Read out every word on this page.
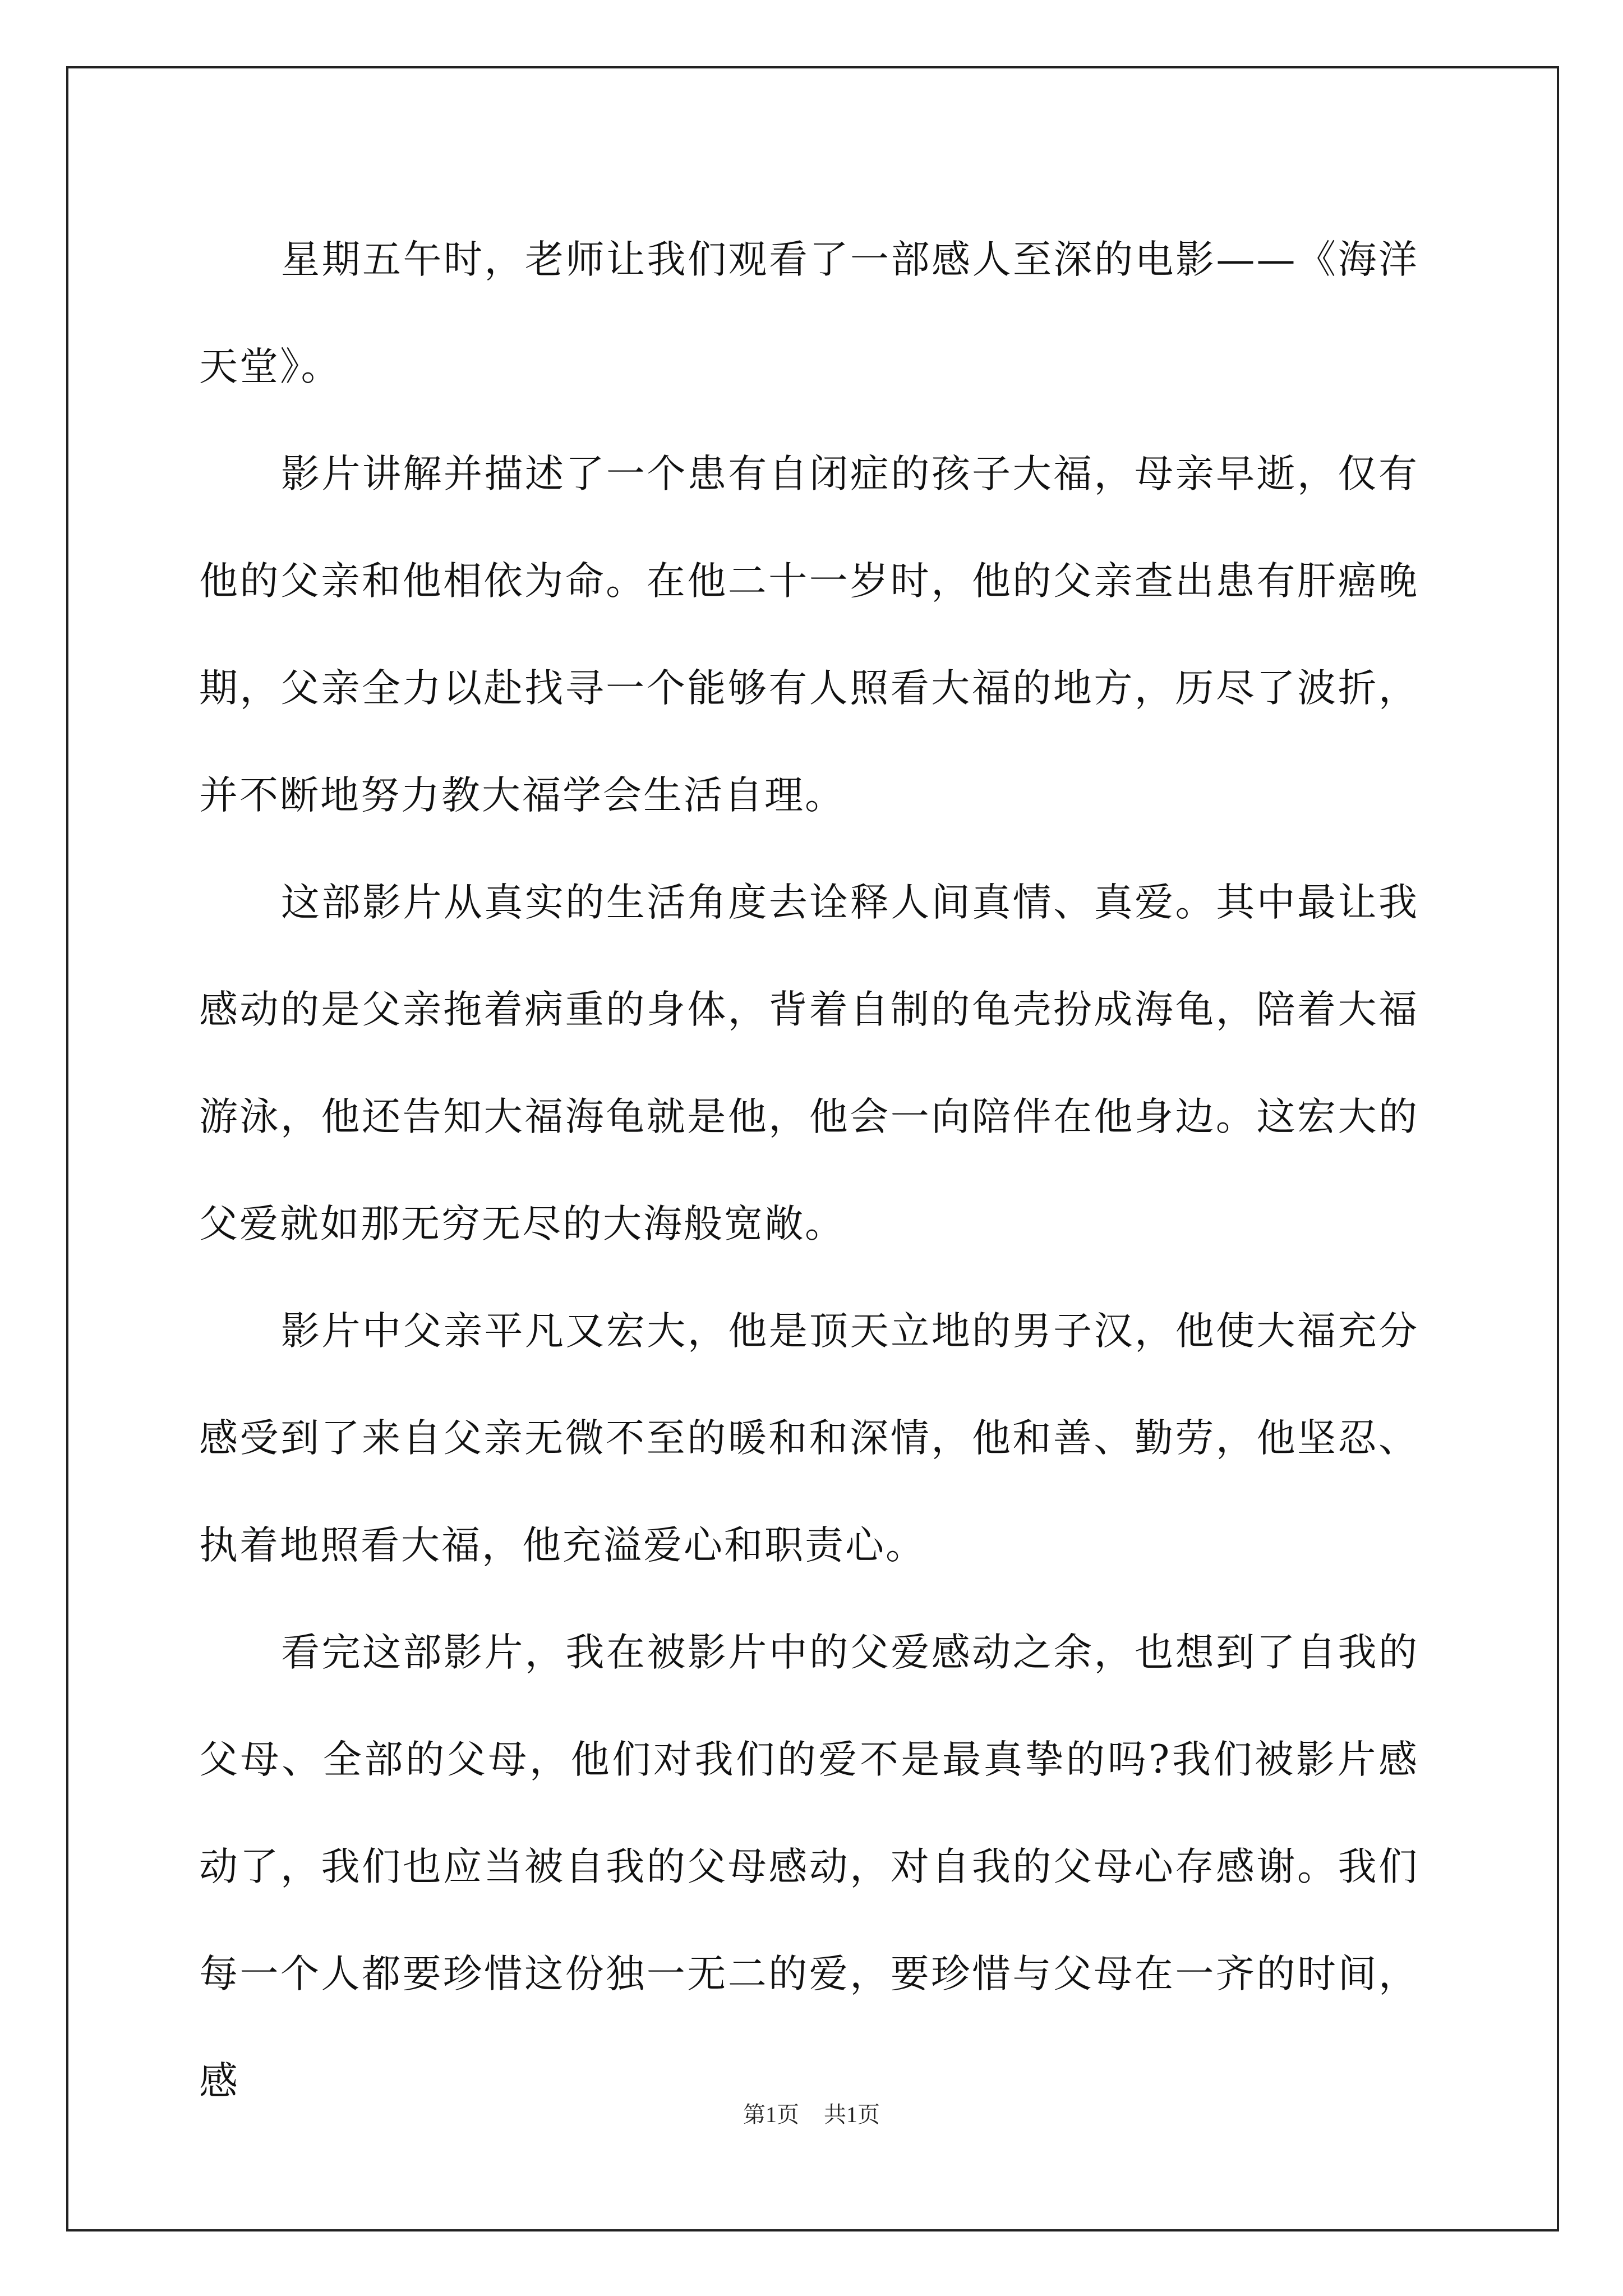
星期五午时，老师让我们观看了一部感人至深的电影——《海洋天堂》。

影片讲解并描述了一个患有自闭症的孩子大福，母亲早逝，仅有他的父亲和他相依为命。在他二十一岁时，他的父亲查出患有肝癌晚期，父亲全力以赴找寻一个能够有人照看大福的地方，历尽了波折，并不断地努力教大福学会生活自理。

这部影片从真实的生活角度去诠释人间真情、真爱。其中最让我感动的是父亲拖着病重的身体，背着自制的龟壳扮成海龟，陪着大福游泳，他还告知大福海龟就是他，他会一向陪伴在他身边。这宏大的父爱就如那无穷无尽的大海般宽敞。

影片中父亲平凡又宏大，他是顶天立地的男子汉，他使大福充分感受到了来自父亲无微不至的暖和和深情，他和善、勤劳，他坚忍、执着地照看大福，他充溢爱心和职责心。

看完这部影片，我在被影片中的父爱感动之余，也想到了自我的父母、全部的父母，他们对我们的爱不是最真挚的吗?我们被影片感动了，我们也应当被自我的父母感动，对自我的父母心存感谢。我们每一个人都要珍惜这份独一无二的爱，要珍惜与父母在一齐的时间，感

第1页 共1页
